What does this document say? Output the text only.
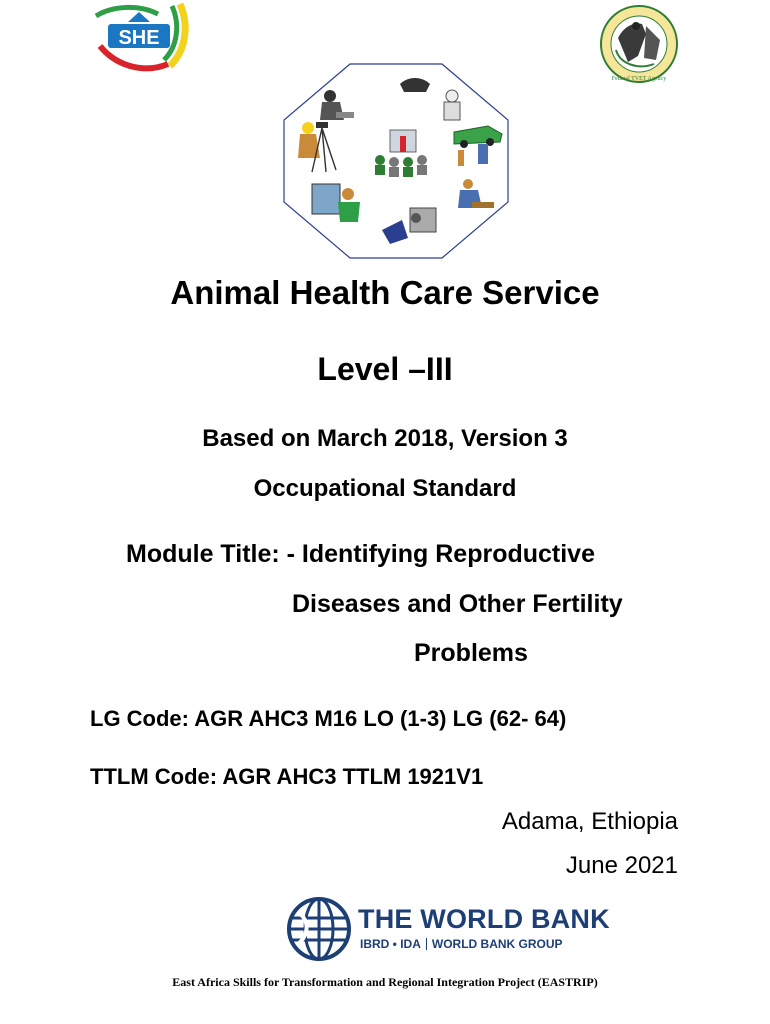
SHE
Federal TVET Agency
Animal Health Care Service
Level –III
Based on March 2018, Version 3
Occupational Standard
Module Title: - Identifying Reproductive
Diseases and Other Fertility
Problems
LG Code: AGR AHC3 M16 LO (1-3) LG (62- 64)
TTLM Code: AGR AHC3 TTLM 1921V1
Adama, Ethiopia
June 2021
THE WORLD BANK
IBRD • IDA WORLD BANK GROUP
East Africa Skills for Transformation and Regional Integration Project (EASTRIP)
